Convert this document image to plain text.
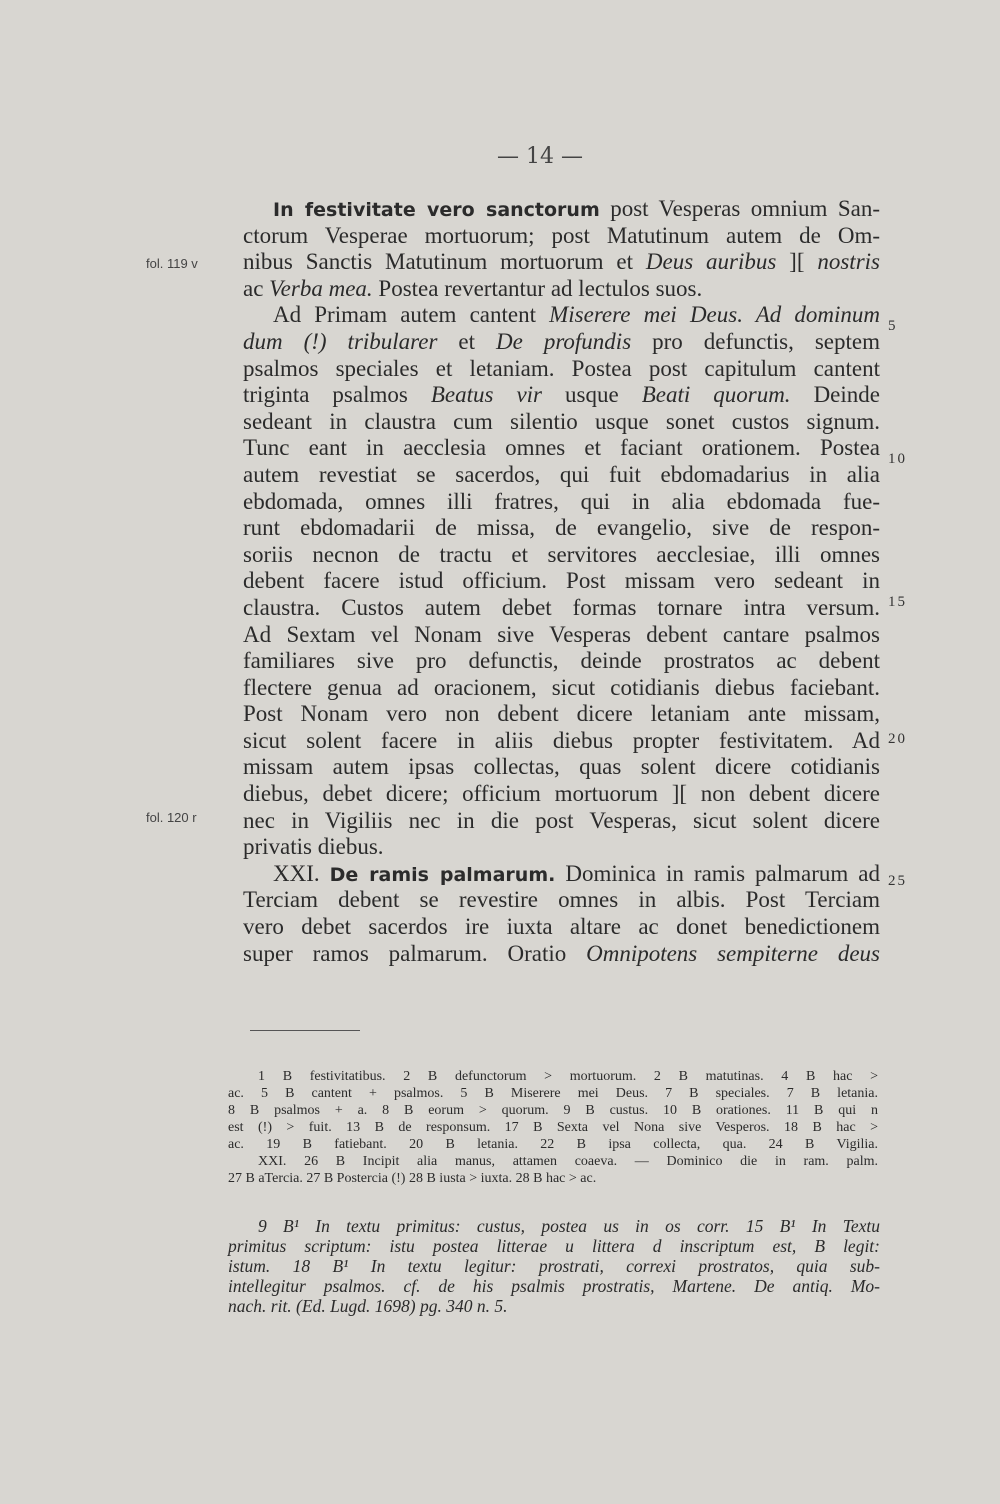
— 14 —
fol. 119 v
fol. 120 r
5
10
15
20
25
In festivitate vero sanctorum post Vesperas omnium San-
ctorum Vesperae mortuorum; post Matutinum autem de Om-
nibus Sanctis Matutinum mortuorum et Deus auribus ][ nostris
ac Verba mea. Postea revertantur ad lectulos suos.
Ad Primam autem cantent Miserere mei Deus. Ad dominum
dum (!) tribularer et De profundis pro defunctis, septem
psalmos speciales et letaniam. Postea post capitulum cantent
triginta psalmos Beatus vir usque Beati quorum. Deinde
sedeant in claustra cum silentio usque sonet custos signum.
Tunc eant in aecclesia omnes et faciant orationem. Postea
autem revestiat se sacerdos, qui fuit ebdomadarius in alia
ebdomada, omnes illi fratres, qui in alia ebdomada fue-
runt ebdomadarii de missa, de evangelio, sive de respon-
soriis necnon de tractu et servitores aecclesiae, illi omnes
debent facere istud officium. Post missam vero sedeant in
claustra. Custos autem debet formas tornare intra versum.
Ad Sextam vel Nonam sive Vesperas debent cantare psalmos
familiares sive pro defunctis, deinde prostratos ac debent
flectere genua ad oracionem, sicut cotidianis diebus faciebant.
Post Nonam vero non debent dicere letaniam ante missam,
sicut solent facere in aliis diebus propter festivitatem. Ad
missam autem ipsas collectas, quas solent dicere cotidianis
diebus, debet dicere; officium mortuorum ][ non debent dicere
nec in Vigiliis nec in die post Vesperas, sicut solent dicere
privatis diebus.
XXI. De ramis palmarum. Dominica in ramis palmarum ad
Terciam debent se revestire omnes in albis. Post Terciam
vero debet sacerdos ire iuxta altare ac donet benedictionem
super ramos palmarum. Oratio Omnipotens sempiterne deus
1 B festivitatibus. 2 B defunctorum > mortuorum. 2 B matutinas. 4 B hac >
ac. 5 B cantent + psalmos. 5 B Miserere mei Deus. 7 B speciales. 7 B letania.
8 B psalmos + a. 8 B eorum > quorum. 9 B custus. 10 B orationes. 11 B qui n
est (!) > fuit. 13 B de responsum. 17 B Sexta vel Nona sive Vesperos. 18 B hac >
ac. 19 B fatiebant. 20 B letania. 22 B ipsa collecta, qua. 24 B Vigilia.
XXI. 26 B Incipit alia manus, attamen coaeva. — Dominico die in ram. palm.
27 B aTercia. 27 B Postercia (!) 28 B iusta > iuxta. 28 B hac > ac.
9 B¹ In textu primitus: custus, postea us in os corr. 15 B¹ In Textu
primitus scriptum: istu postea litterae u littera d inscriptum est, B legit:
istum. 18 B¹ In textu legitur: prostrati, correxi prostratos, quia sub-
intellegitur psalmos. cf. de his psalmis prostratis, Martene. De antiq. Mo-
nach. rit. (Ed. Lugd. 1698) pg. 340 n. 5.
